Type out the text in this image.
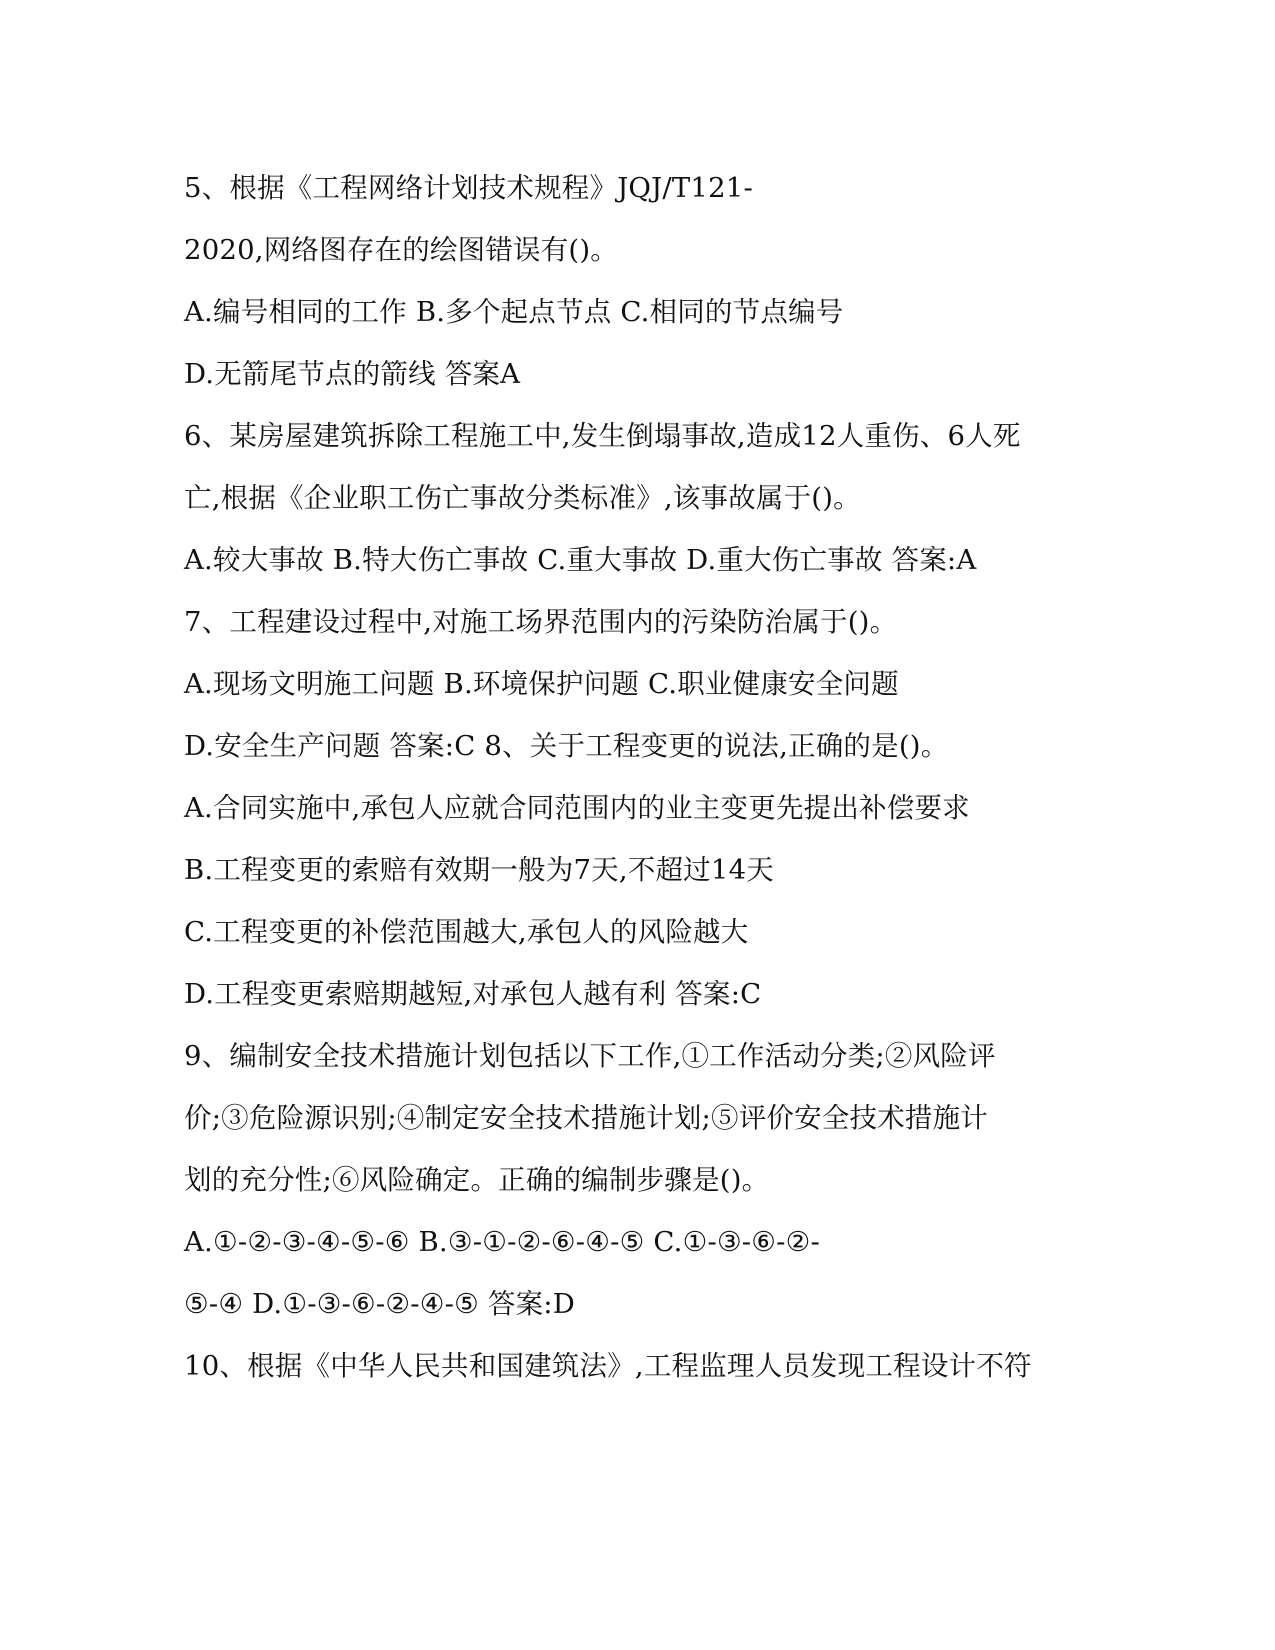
5、根据《工程网络计划技术规程》JQJ/T121-
2020,网络图存在的绘图错误有()。
A.编号相同的工作 B.多个起点节点 C.相同的节点编号
D.无箭尾节点的箭线 答案A
6、某房屋建筑拆除工程施工中,发生倒塌事故,造成12人重伤、6人死
亡,根据《企业职工伤亡事故分类标准》,该事故属于()。
A.较大事故 B.特大伤亡事故 C.重大事故 D.重大伤亡事故 答案:A
7、工程建设过程中,对施工场界范围内的污染防治属于()。
A.现场文明施工问题 B.环境保护问题 C.职业健康安全问题
D.安全生产问题 答案:C 8、关于工程变更的说法,正确的是()。
A.合同实施中,承包人应就合同范围内的业主变更先提出补偿要求
B.工程变更的索赔有效期一般为7天,不超过14天
C.工程变更的补偿范围越大,承包人的风险越大
D.工程变更索赔期越短,对承包人越有利 答案:C
9、编制安全技术措施计划包括以下工作,①工作活动分类;②风险评
价;③危险源识别;④制定安全技术措施计划;⑤评价安全技术措施计
划的充分性;⑥风险确定。正确的编制步骤是()。
A.①-②-③-④-⑤-⑥ B.③-①-②-⑥-④-⑤ C.①-③-⑥-②-
⑤-④ D.①-③-⑥-②-④-⑤ 答案:D
10、根据《中华人民共和国建筑法》,工程监理人员发现工程设计不符
